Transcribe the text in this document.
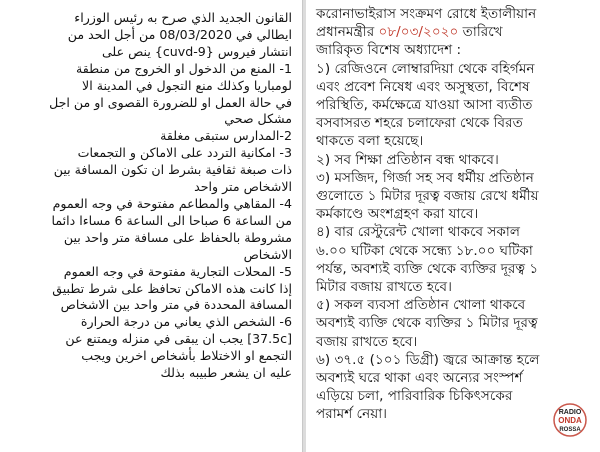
القانون الجديد الذي صرح به رئيس الوزراء
ايطالي في 08/03/2020 من أجل الحد من
انتشار فيروس {cuvd-9} ينص على

1- المنع من الدخول او الخروج من منطقة
لومباريا وكذلك منع التجول في المدينة الا
في حالة العمل او للضرورة القصوى او من اجل
مشكل صحي

2-المدارس ستبقى مغلقة

3- امكانية التردد على الاماكن و التجمعات
ذات صبغة ثقافية بشرط ان تكون المسافة بين
الاشخاص متر واحد

4- المقاهي والمطاعم مفتوحة في وجه العموم
من الساعة 6 صباحا الى الساعة 6 مساءا دائما
مشروطة بالحفاظ على مسافة متر واحد بين
الاشخاص

5- المحلات التجارية مفتوحة في وجه العموم
إذا كانت هذه الاماكن تحافظ على شرط تطبيق
المسافة المحددة في متر واحد بين الاشخاص

6- الشخص الذي يعاني من درجة الحرارة
[37.5c] يجب ان يبقى في منزله ويمتنع عن
التجمع او الاختلاط بأشخاص اخرين ويجب
عليه ان يشعر طبيبه بذلك

করোনাভাইরাস সংক্রমণ রোধে ইতালীয়ান

প্রধানমন্ত্রীর ০৮/০৩/২০২০ তারিখে

জারিকৃত বিশেষ অধ্যাদেশ :

১) রেজিওনে লোম্বারদিয়া থেকে বহির্গমন
এবং প্রবেশ নিষেধ এবং অসুস্থতা, বিশেষ
পরিস্থিতি, কর্মক্ষেত্রে যাওয়া আসা ব্যতীত
বসবাসরত শহরে চলাফেরা থেকে বিরত
থাকতে বলা হয়েছে।

২) সব শিক্ষা প্রতিষ্ঠান বন্ধ থাকবে।

৩) মসজিদ, গির্জা সহ সব ধর্মীয় প্রতিষ্ঠান
গুলোতে ১ মিটার দূরত্ব বজায় রেখে ধর্মীয়
কর্মকাণ্ডে অংশগ্রহণ করা যাবে।

৪) বার রেস্টুরেন্ট খোলা থাকবে সকাল
৬.০০ ঘটিকা থেকে সন্ধ্যে ১৮.০০ ঘটিকা
পর্যন্ত, অবশ্যই ব্যক্তি থেকে ব্যক্তির দূরত্ব ১
মিটার বজায় রাখতে হবে।

৫) সকল ব্যবসা প্রতিষ্ঠান খোলা থাকবে
অবশ্যই ব্যক্তি থেকে ব্যক্তির ১ মিটার দূরত্ব
বজায় রাখতে হবে।

৬) ৩৭.৫ (১০১ ডিগ্রী) জ্বরে আক্রান্ত হলে
অবশ্যই ঘরে থাকা এবং অন্যের সংস্পর্শ
এড়িয়ে চলা, পারিবারিক চিকিৎসকের
পরামর্শ নেয়া।	RADIO
ONDA
ROSSA
